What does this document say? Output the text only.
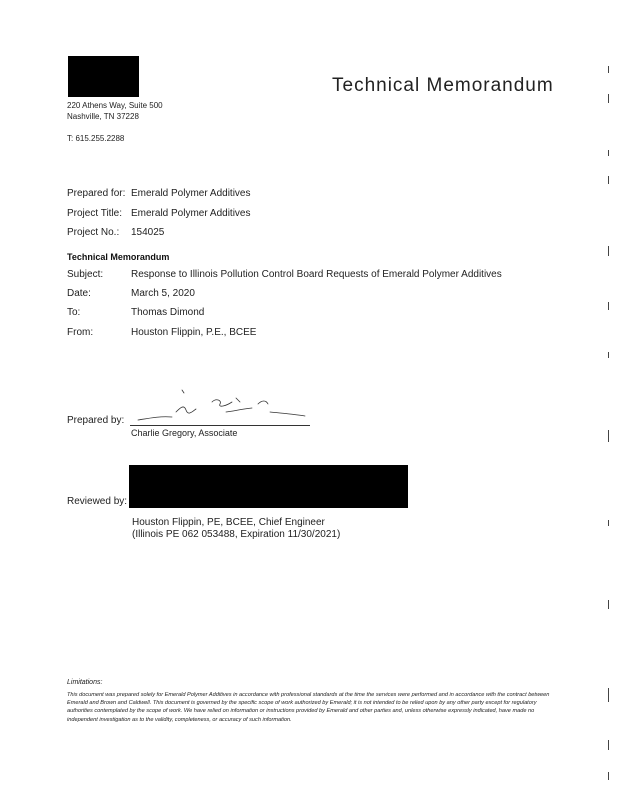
Technical Memorandum
220 Athens Way, Suite 500
Nashville, TN 37228
T: 615.255.2288
Prepared for: Emerald Polymer Additives
Project Title: Emerald Polymer Additives
Project No.: 154025
Technical Memorandum
Subject:	Response to Illinois Pollution Control Board Requests of Emerald Polymer Additives
Date:	March 5, 2020
To:	Thomas Dimond
From:	Houston Flippin, P.E., BCEE
Prepared by:
Charlie Gregory, Associate
Reviewed by:
Houston Flippin, PE, BCEE, Chief Engineer
(Illinois PE 062 053488, Expiration 11/30/2021)
Limitations:
This document was prepared solely for Emerald Polymer Additives in accordance with professional standards at the time the services were performed and in accordance with the contract between Emerald and Brown and Caldwell. This document is governed by the specific scope of work authorized by Emerald; it is not intended to be relied upon by any other party except for regulatory authorities contemplated by the scope of work. We have relied on information or instructions provided by Emerald and other parties and, unless otherwise expressly indicated, have made no independent investigation as to the validity, completeness, or accuracy of such information.
